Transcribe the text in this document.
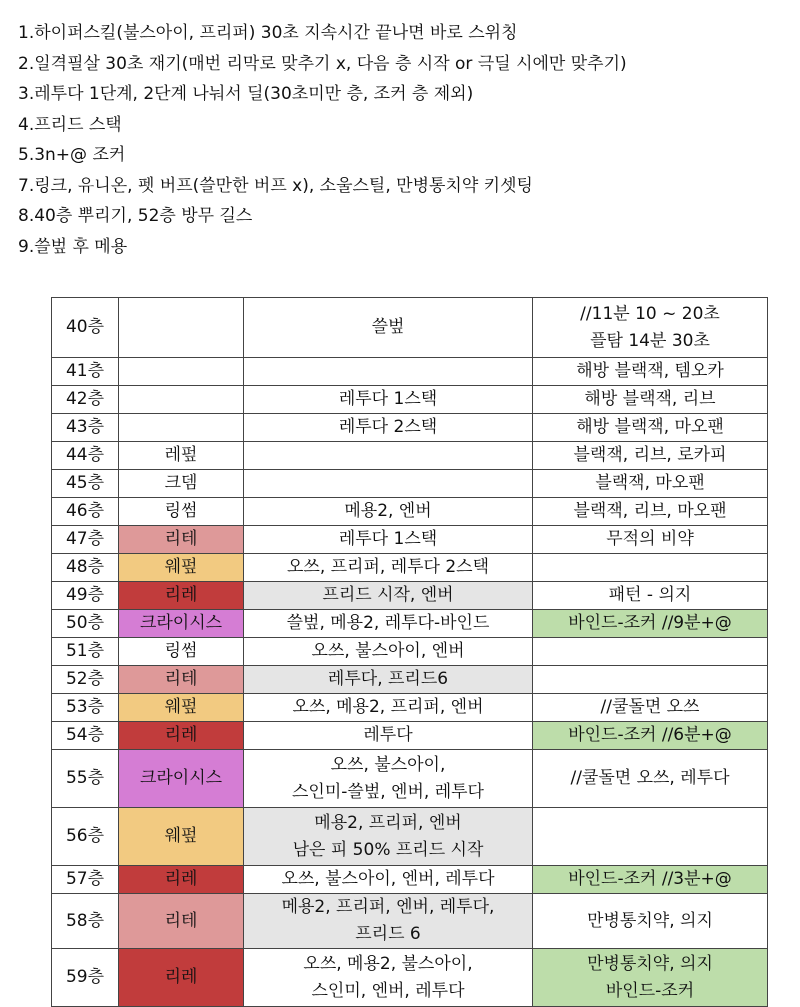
1.하이퍼스킬(불스아이, 프리퍼) 30초 지속시간 끝나면 바로 스위칭
2.일격필살 30초 재기(매번 리막로 맞추기 x, 다음 층 시작 or 극딜 시에만 맞추기)
3.레투다 1단계, 2단계 나눠서 딜(30초미만 층, 조커 층 제외)
4.프리드 스택
5.3n+@ 조커
7.링크, 유니온, 펫 버프(쓸만한 버프 x), 소울스틸, 만병통치약 키셋팅
8.40층 뿌리기, 52층 방무 길스
9.쓸벞 후 메용
40층		쓸벞	//11분 10 ~ 20초
플탐 14분 30초

41층			해방 블랙잭, 템오카

42층		레투다 1스택	해방 블랙잭, 리브

43층		레투다 2스택	해방 블랙잭, 마오팬

44층	레펖		블랙잭, 리브, 로카피

45층	크뎀		블랙잭, 마오팬

46층	링썸	메용2, 엔버	블랙잭, 리브, 마오팬

47층	리테	레투다 1스택	무적의 비약

48층	웨펖	오쓰, 프리퍼, 레투다 2스택	

49층	리레	프리드 시작, 엔버	패턴 - 의지

50층	크라이시스	쓸벞, 메용2, 레투다-바인드	바인드-조커 //9분+@

51층	링썸	오쓰, 불스아이, 엔버	

52층	리테	레투다, 프리드6	

53층	웨펖	오쓰, 메용2, 프리퍼, 엔버	//쿨돌면 오쓰

54층	리레	레투다	바인드-조커 //6분+@

55층	크라이시스	오쓰, 불스아이,
스인미-쓸벞, 엔버, 레투다	//쿨돌면 오쓰, 레투다

56층	웨펖	메용2, 프리퍼, 엔버
남은 피 50% 프리드 시작	

57층	리레	오쓰, 불스아이, 엔버, 레투다	바인드-조커 //3분+@

58층	리테	메용2, 프리퍼, 엔버, 레투다,
프리드 6	만병통치약, 의지

59층	리레	오쓰, 메용2, 불스아이,
스인미, 엔버, 레투다	만병통치약, 의지
바인드-조커
